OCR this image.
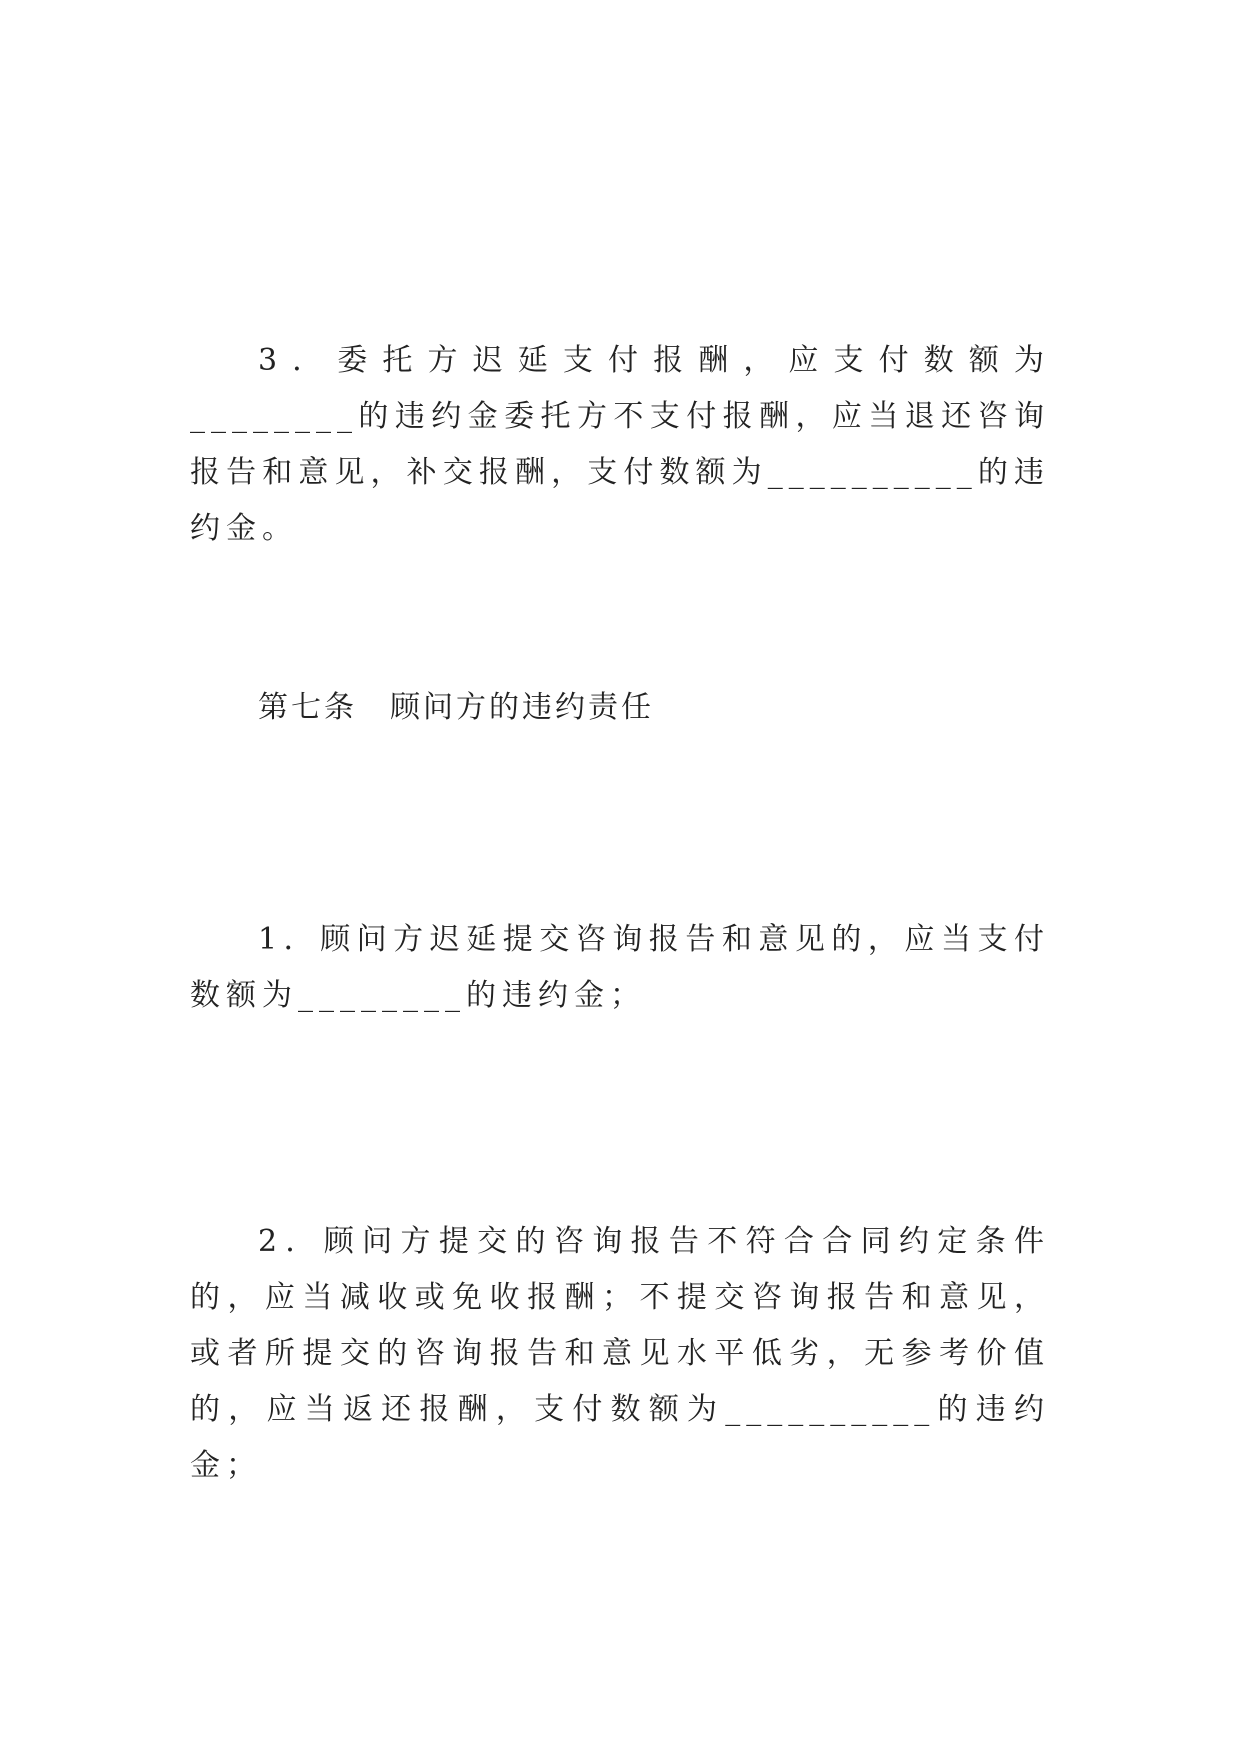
3．委托方迟延支付报酬，应支付数额为________的违约金委托方不支付报酬，应当退还咨询报告和意见，补交报酬，支付数额为__________的违约金。

第七条　顾问方的违约责任

1．顾问方迟延提交咨询报告和意见的，应当支付数额为________的违约金；

2．顾问方提交的咨询报告不符合合同约定条件的，应当减收或免收报酬；不提交咨询报告和意见，或者所提交的咨询报告和意见水平低劣，无参考价值的，应当返还报酬，支付数额为__________的违约金；
